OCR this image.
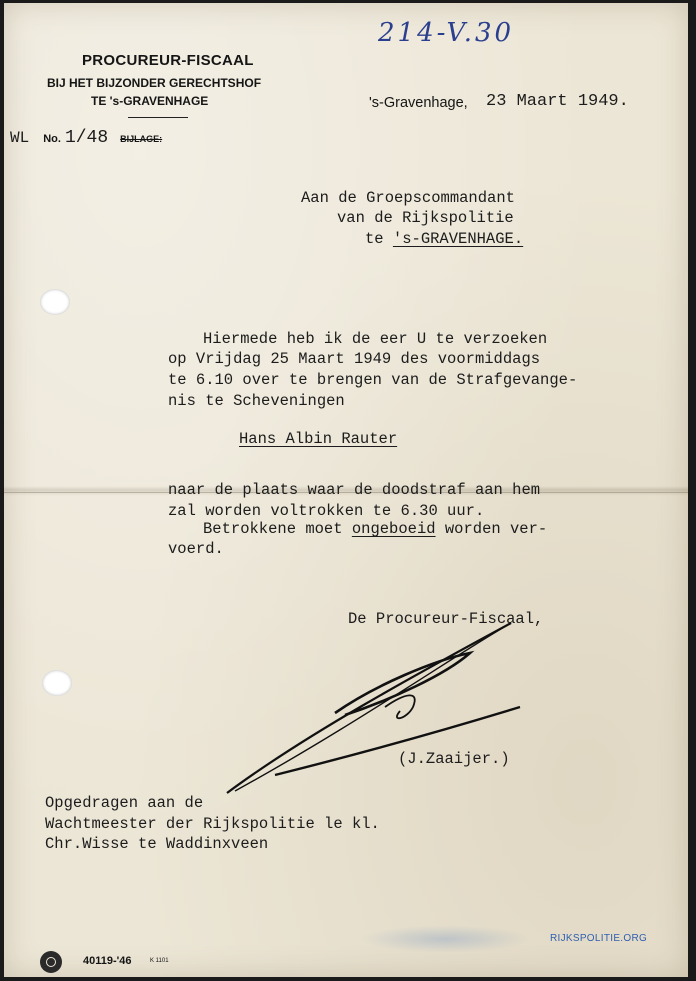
PROCUREUR-FISCAAL
BIJ HET BIJZONDER GERECHTSHOF
TE 's-GRAVENHAGE
214-V.30
's-Gravenhage, 23 Maart 1949.
WL No. 1/48 BIJLAGE:
Aan de Groepscommandant
van de Rijkspolitie
te 's-GRAVENHAGE.
Hiermede heb ik de eer U te verzoeken
op Vrijdag 25 Maart 1949 des voormiddags
te 6.10 over te brengen van de Strafgevange-
nis te Scheveningen
Hans Albin Rauter
naar de plaats waar de doodstraf aan hem
zal worden voltrokken te 6.30 uur.
Betrokkene moet ongeboeid worden ver-
voerd.
De Procureur-Fiscaal,
(J.Zaaijer.)
Opgedragen aan de
Wachtmeester der Rijkspolitie le kl.
Chr.Wisse te Waddinxveen
40119-'46	K 1101
RIJKSPOLITIE.ORG
